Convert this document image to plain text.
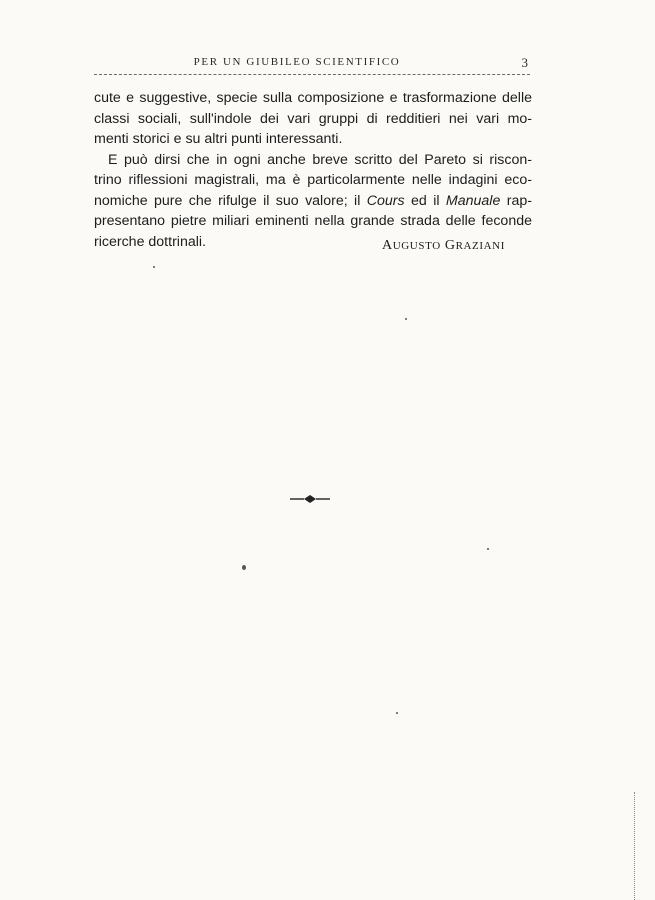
PER UN GIUBILEO SCIENTIFICO	3
cute e suggestive, specie sulla composizione e trasformazione delle
classi sociali, sull'indole dei vari gruppi di redditieri nei vari mo-
menti storici e su altri punti interessanti.
E può dirsi che in ogni anche breve scritto del Pareto si riscon-
trino riflessioni magistrali, ma è particolarmente nelle indagini eco-
nomiche pure che rifulge il suo valore; il Cours ed il Manuale rap-
presentano pietre miliari eminenti nella grande strada delle feconde
ricerche dottrinali.	AUGUSTO GRAZIANI
